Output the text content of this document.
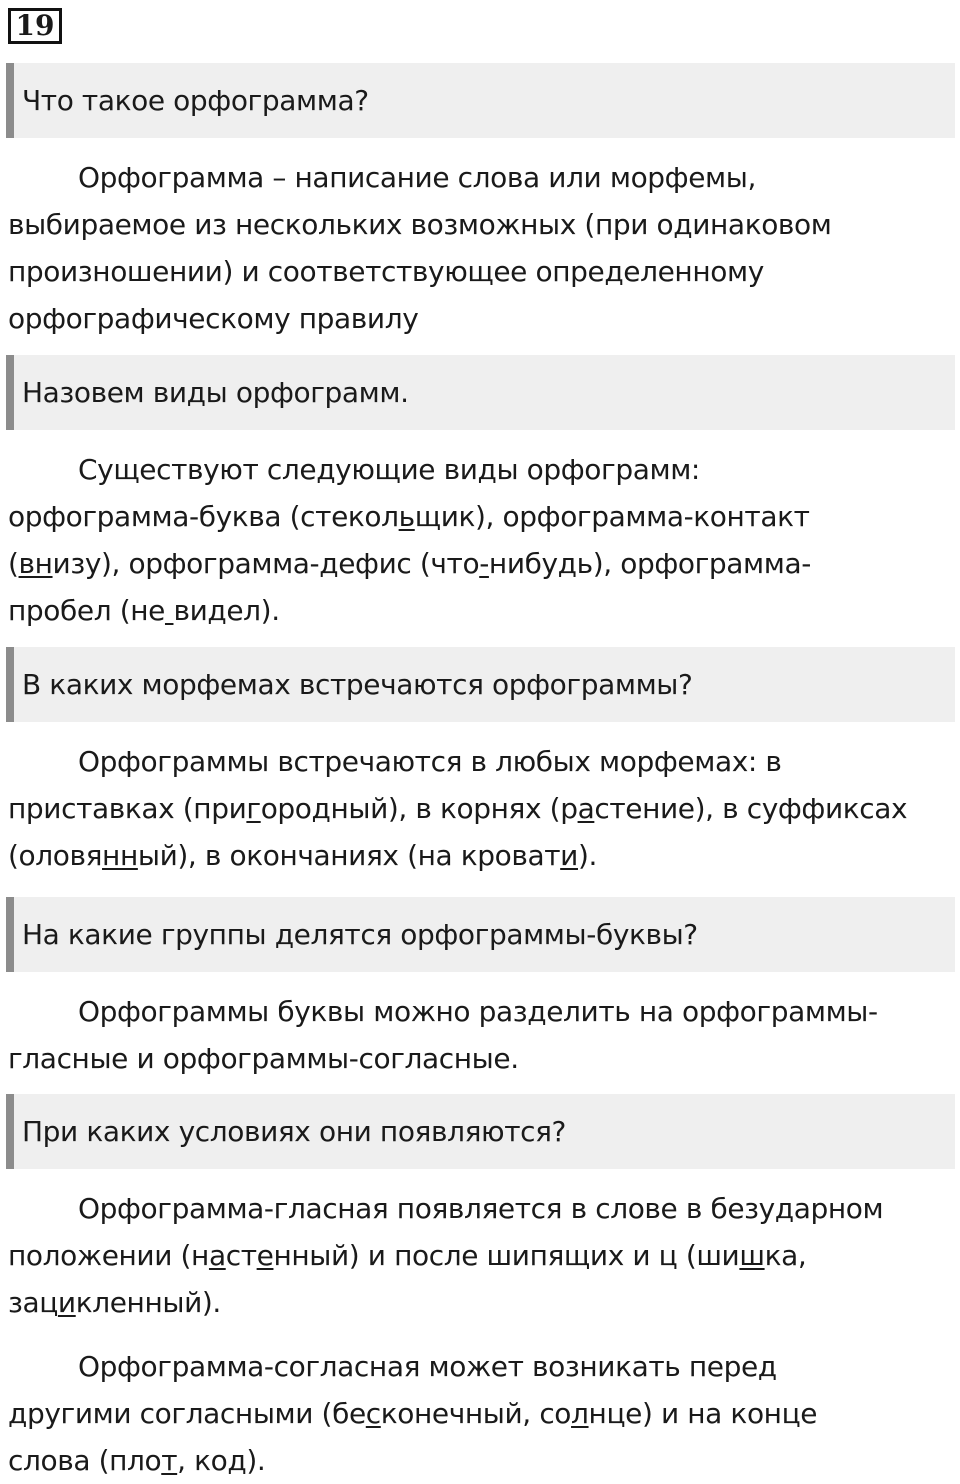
19
Что такое орфограмма?
Орфограмма – написание слова или морфемы,
выбираемое из нескольких возможных (при одинаковом
произношении) и соответствующее определенному
орфографическому правилу
Назовем виды орфограмм.
Существуют следующие виды орфограмм:
орфограмма-буква (стекольщик), орфограмма-контакт
(внизу), орфограмма-дефис (что-нибудь), орфограмма-
пробел (не видел).
В каких морфемах встречаются орфограммы?
Орфограммы встречаются в любых морфемах: в
приставках (пригородный), в корнях (растение), в суффиксах
(оловянный), в окончаниях (на кровати).
На какие группы делятся орфограммы-буквы?
Орфограммы буквы можно разделить на орфограммы-
гласные и орфограммы-согласные.
При каких условиях они появляются?
Орфограмма-гласная появляется в слове в безударном
положении (настенный) и после шипящих и ц (шишка,
зацикленный).
Орфограмма-согласная может возникать перед
другими согласными (бесконечный, солнце) и на конце
слова (плот, код).
